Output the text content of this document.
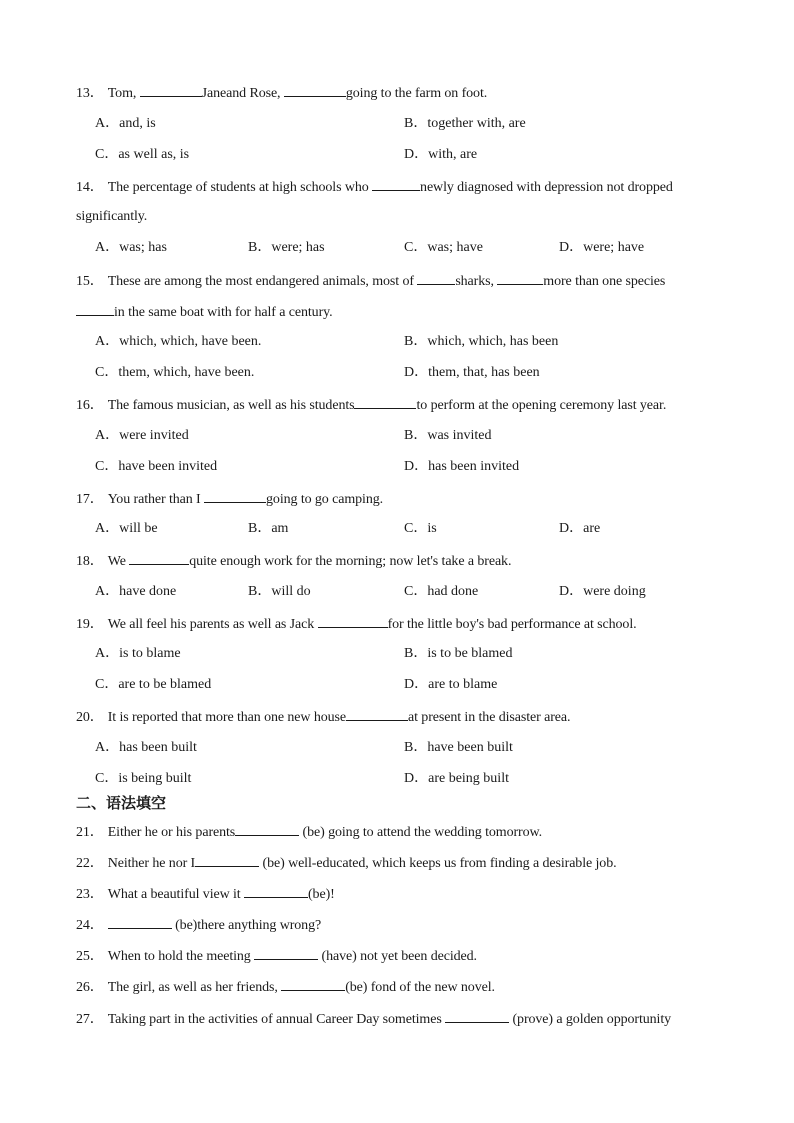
13． Tom,	Janeand Rose,	going to the farm on foot.
A．and, is	B．together with, are
C．as well as, is	D．with, are
14． The percentage of students at high schools who	newly diagnosed with depression not dropped
significantly.
A．was; has	B．were; has	C．was; have	D．were; have
15． These are among the most endangered animals, most of	sharks,	more than one species
in the same boat with for half a century.
A．which, which, have been.	B．which, which, has been
C．them, which, have been.	D．them, that, has been
16． The famous musician, as well as his students	to perform at the opening ceremony last year.
A．were invited	B．was invited
C．have been invited	D．has been invited
17． You rather than I	going to go camping.
A．will be	B．am	C．is	D．are
18． We	quite enough work for the morning; now let's take a break.
A．have done	B．will do	C．had done	D．were doing
19． We all feel his parents as well as Jack	for the little boy's bad performance at school.
A．is to blame	B．is to be blamed
C．are to be blamed	D．are to blame
20． It is reported that more than one new house	at present in the disaster area.
A．has been built	B．have been built
C．is being built	D．are being built
二、语法填空
21． Either he or his parents	(be) going to attend the wedding tomorrow.
22． Neither he nor I	(be) well-educated, which keeps us from finding a desirable job.
23． What a beautiful view it	(be)!
24．	(be)there anything wrong?
25． When to hold the meeting	(have) not yet been decided.
26． The girl, as well as her friends,	(be) fond of the new novel.
27． Taking part in the activities of annual Career Day sometimes	(prove) a golden opportunity
